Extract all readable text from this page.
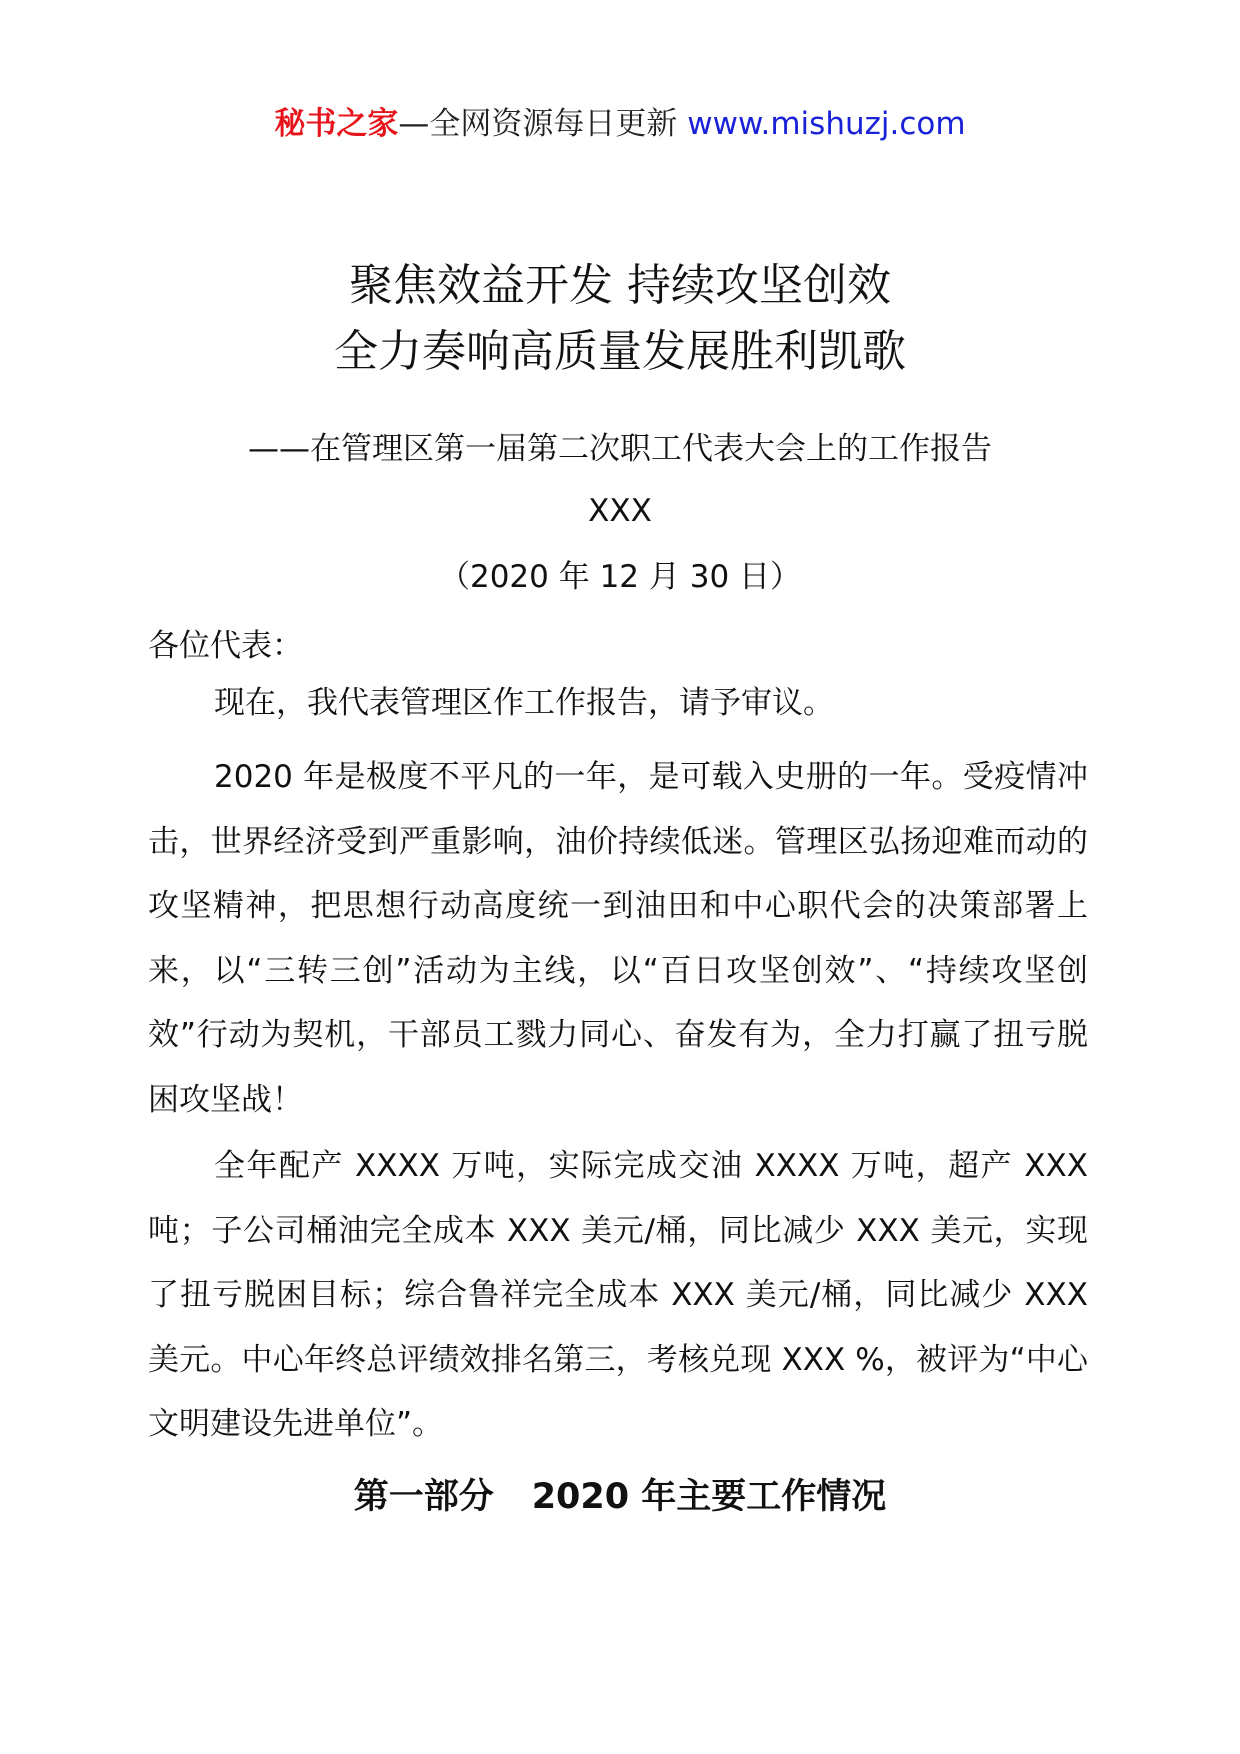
秘书之家—全网资源每日更新 www.mishuzj.com
聚焦效益开发 持续攻坚创效
全力奏响高质量发展胜利凯歌
——在管理区第一届第二次职工代表大会上的工作报告
XXX
（2020 年 12 月 30 日）
各位代表：

现在，我代表管理区作工作报告，请予审议。

2020 年是极度不平凡的一年，是可载入史册的一年。受疫情冲击，世界经济受到严重影响，油价持续低迷。管理区弘扬迎难而动的攻坚精神，把思想行动高度统一到油田和中心职代会的决策部署上来，以“三转三创”活动为主线，以“百日攻坚创效”、“持续攻坚创效”行动为契机，干部员工戮力同心、奋发有为，全力打赢了扭亏脱困攻坚战！

全年配产 XXXX 万吨，实际完成交油 XXXX 万吨，超产 XXX 吨；子公司桶油完全成本 XXX 美元/桶，同比减少 XXX 美元，实现了扭亏脱困目标；综合鲁祥完全成本 XXX 美元/桶，同比减少 XXX 美元。中心年终总评绩效排名第三，考核兑现 XXX %，被评为“中心文明建设先进单位”。

第一部分 2020 年主要工作情况
